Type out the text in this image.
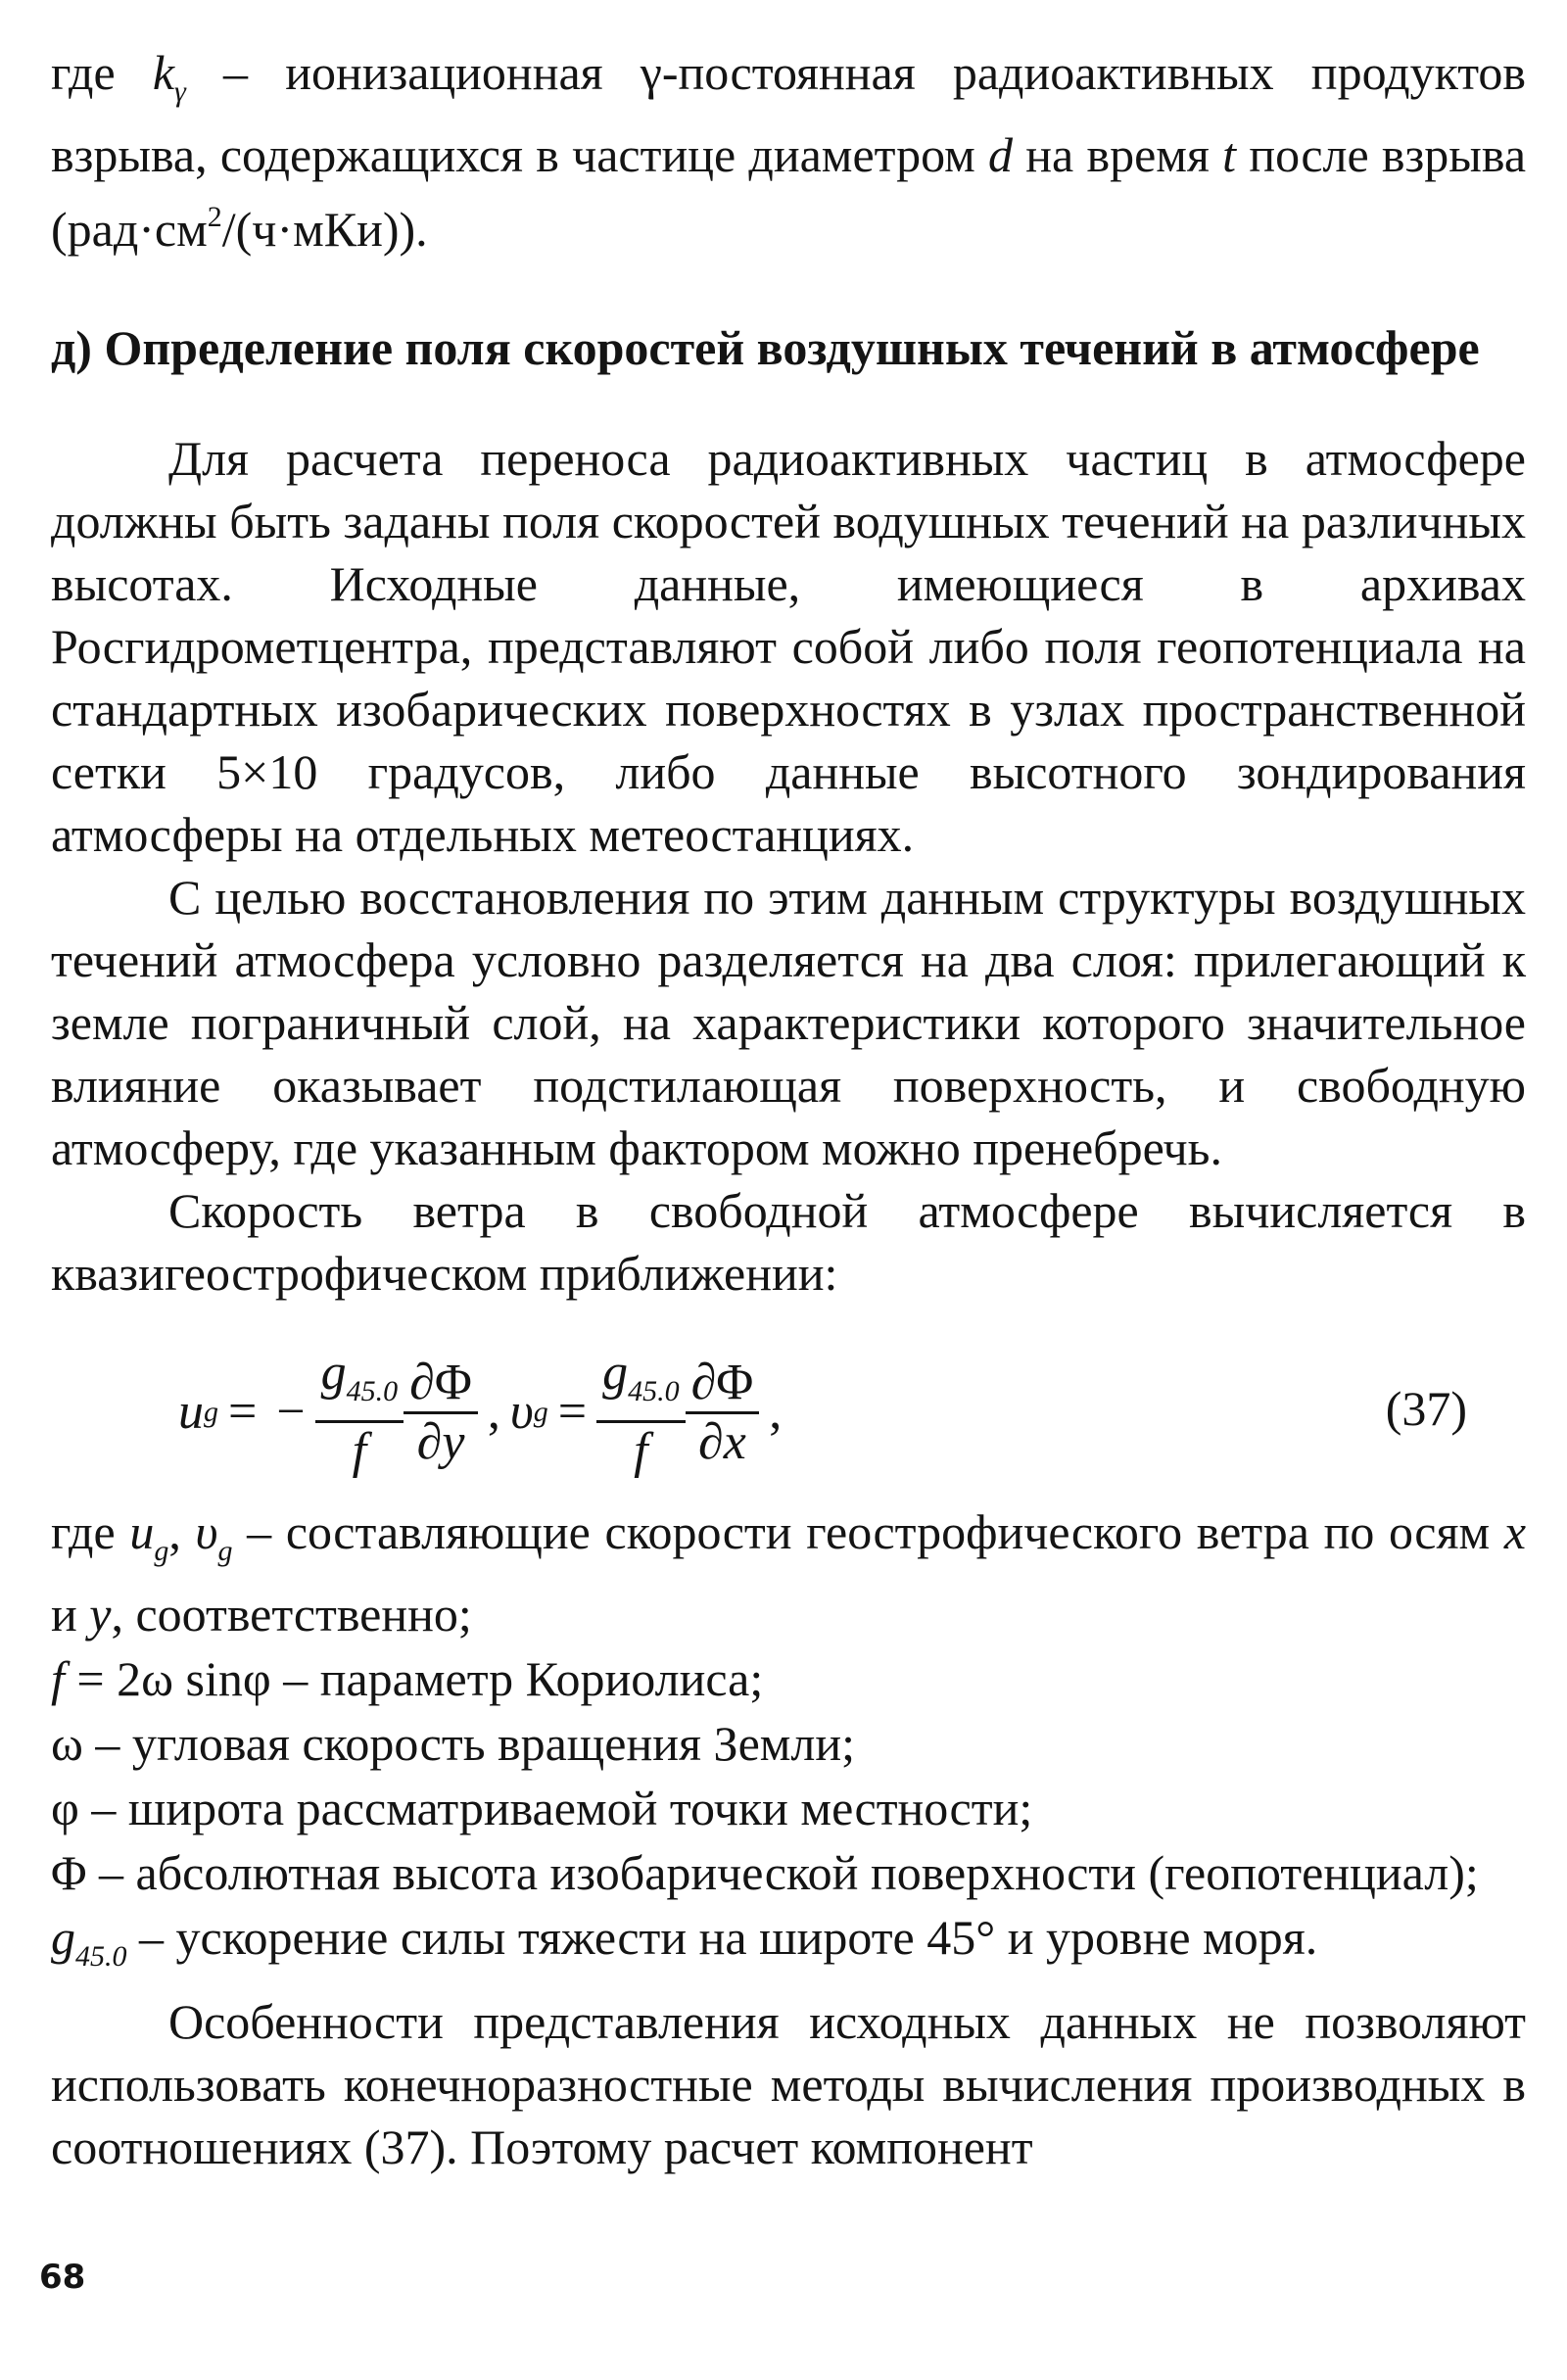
где $k_\gamma$ – ионизационная γ-постоянная радиоактивных продуктов взрыва, содержащихся в частице диаметром d на время t после взрыва $(рад\cdot см^2/(ч\cdot мКи))$.
д) Определение поля скоростей воздушных течений в атмосфере
Для расчета переноса радиоактивных частиц в атмосфере должны быть заданы поля скоростей водушных течений на различных высотах. Исходные данные, имеющиеся в архивах Росгидрометцентра, представляют собой либо поля геопотенциала на стандартных изобарических поверхностях в узлах пространственной сетки 5×10 градусов, либо данные высотного зондирования атмосферы на отдельных метеостанциях.
С целью восстановления по этим данным структуры воздушных течений атмосфера условно разделяется на два слоя: прилегающий к земле пограничный слой, на характеристики которого значительное влияние оказывает подстилающая поверхность, и свободную атмосферу, где указанным фактором можно пренебречь.
Скорость ветра в свободной атмосфере вычисляется в квазигеострофическом приближении:
u g = − $\frac{g_{45.0}}{f} \frac{\partial\Phi}{\partial y}$ , υ $g = \frac{g_{45.0}}{f} \frac{\partial\Phi}{\partial x}$ ,	(37)
где $u_g$, $\upsilon_g$ – составляющие скорости геострофического ветра по осям x и y, соответственно;
f = 2ω sinφ – параметр Кориолиса;
ω – угловая скорость вращения Земли;
φ – широта рассматриваемой точки местности;
Φ – абсолютная высота изобарической поверхности (геопотенциал);
$g_{45.0}$ – ускорение силы тяжести на широте 45° и уровне моря.
Особенности представления исходных данных не позволяют использовать конечноразностные методы вычисления производных в соотношениях (37). Поэтому расчет компонент
68
